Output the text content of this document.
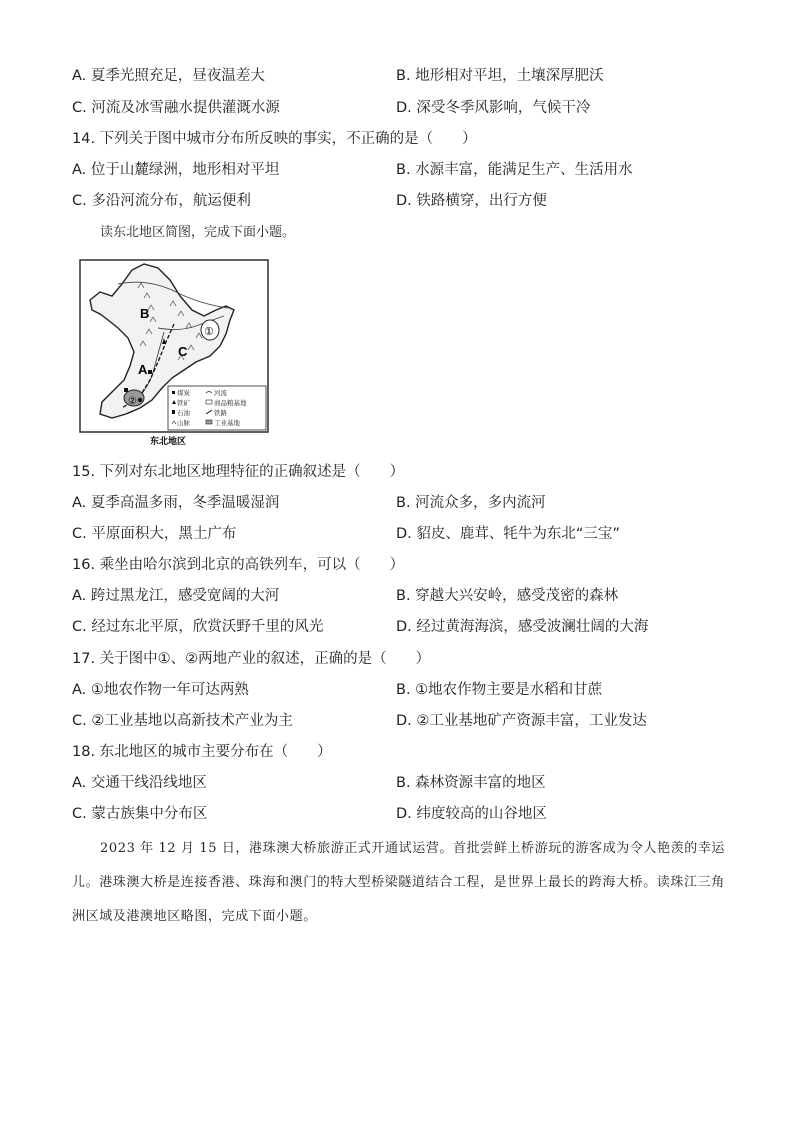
A. 夏季光照充足，昼夜温差大	B. 地形相对平坦，土壤深厚肥沃
C. 河流及冰雪融水提供灌溉水源	D. 深受冬季风影响，气候干冷
14. 下列关于图中城市分布所反映的事实，不正确的是（　　）
A. 位于山麓绿洲，地形相对平坦	B. 水源丰富，能满足生产、生活用水
C. 多沿河流分布，航运便利	D. 铁路横穿，出行方便
读东北地区简图，完成下面小题。
B
C
A
①
②
煤炭	河流
铁矿	商品粮基地
石油	铁路
山脉	工业基地
东北地区
15. 下列对东北地区地理特征的正确叙述是（　　）
A. 夏季高温多雨，冬季温暖湿润	B. 河流众多，多内流河
C. 平原面积大，黑土广布	D. 貂皮、鹿茸、牦牛为东北“三宝”
16. 乘坐由哈尔滨到北京的高铁列车，可以（　　）
A. 跨过黑龙江，感受宽阔的大河	B. 穿越大兴安岭，感受茂密的森林
C. 经过东北平原，欣赏沃野千里的风光	D. 经过黄海海滨，感受波澜壮阔的大海
17. 关于图中①、②两地产业的叙述，正确的是（　　）
A. ①地农作物一年可达两熟	B. ①地农作物主要是水稻和甘蔗
C. ②工业基地以高新技术产业为主	D. ②工业基地矿产资源丰富，工业发达
18. 东北地区的城市主要分布在（　　）
A. 交通干线沿线地区	B. 森林资源丰富的地区
C. 蒙古族集中分布区	D. 纬度较高的山谷地区
2023 年 12 月 15 日，港珠澳大桥旅游正式开通试运营。首批尝鲜上桥游玩的游客成为令人艳羡的幸运儿。港珠澳大桥是连接香港、珠海和澳门的特大型桥梁隧道结合工程，是世界上最长的跨海大桥。读珠江三角洲区域及港澳地区略图，完成下面小题。
